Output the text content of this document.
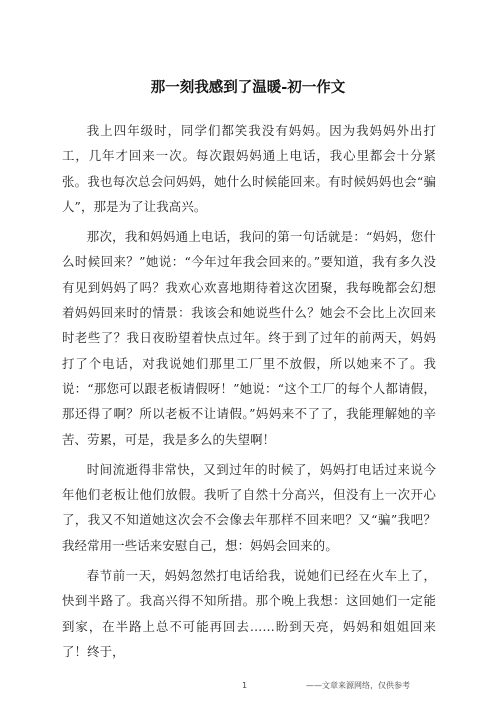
那一刻我感到了温暖-初一作文

我上四年级时，同学们都笑我没有妈妈。因为我妈妈外出打工，几年才回来一次。每次跟妈妈通上电话，我心里都会十分紧张。我也每次总会问妈妈，她什么时候能回来。有时候妈妈也会“骗人”，那是为了让我高兴。

那次，我和妈妈通上电话，我问的第一句话就是：“妈妈，您什么时候回来？”她说：“今年过年我会回来的。”要知道，我有多久没有见到妈妈了吗？我欢心欢喜地期待着这次团聚，我每晚都会幻想着妈妈回来时的情景：我该会和她说些什么？她会不会比上次回来时老些了？我日夜盼望着快点过年。终于到了过年的前两天，妈妈打了个电话，对我说她们那里工厂里不放假，所以她来不了。我说：“那您可以跟老板请假呀！”她说：“这个工厂的每个人都请假，那还得了啊？所以老板不让请假。”妈妈来不了了，我能理解她的辛苦、劳累，可是，我是多么的失望啊！

时间流逝得非常快，又到过年的时候了，妈妈打电话过来说今年他们老板让他们放假。我听了自然十分高兴，但没有上一次开心了，我又不知道她这次会不会像去年那样不回来吧？又“骗”我吧？我经常用一些话来安慰自己，想：妈妈会回来的。

春节前一天，妈妈忽然打电话给我，说她们已经在火车上了，快到半路了。我高兴得不知所措。那个晚上我想：这回她们一定能到家，在半路上总不可能再回去……盼到天亮，妈妈和姐姐回来了！终于，

1	——文章来源网络，仅供参考
